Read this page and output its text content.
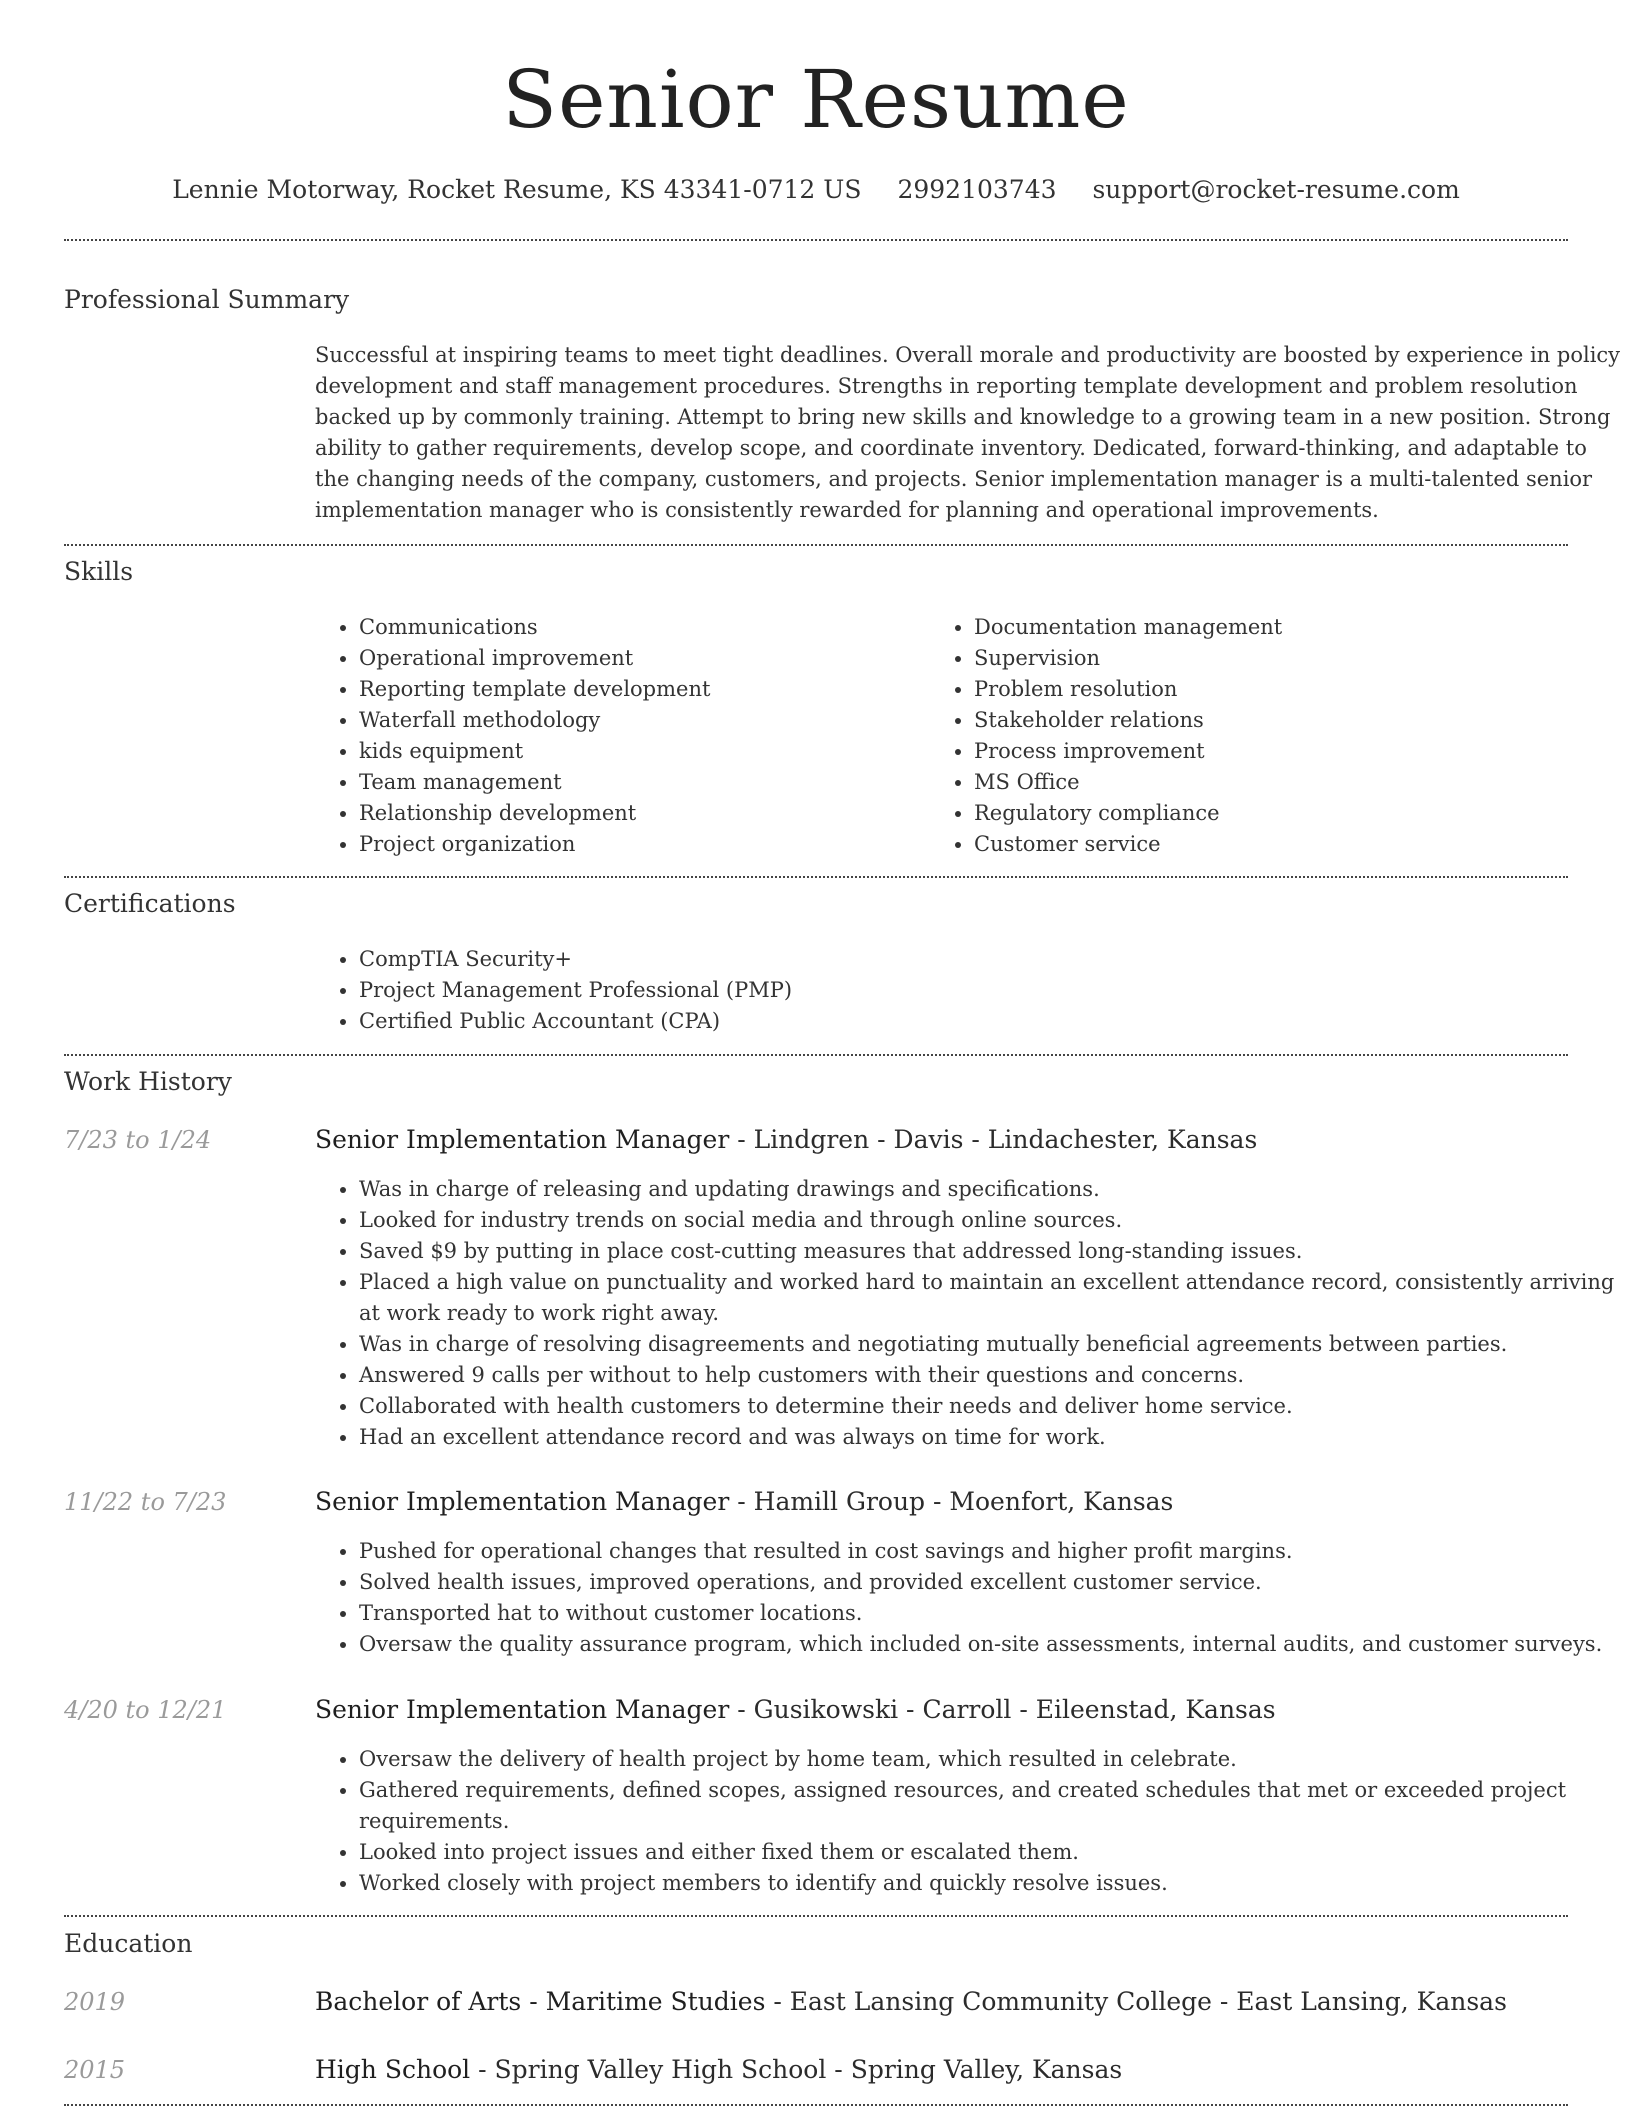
Senior Resume
Lennie Motorway, Rocket Resume, KS 43341-0712 US 2992103743 support@rocket-resume.com
Professional Summary

Successful at inspiring teams to meet tight deadlines. Overall morale and productivity are boosted by experience in policy development and staff management procedures. Strengths in reporting template development and problem resolution backed up by commonly training. Attempt to bring new skills and knowledge to a growing team in a new position. Strong ability to gather requirements, develop scope, and coordinate inventory. Dedicated, forward-thinking, and adaptable to the changing needs of the company, customers, and projects. Senior implementation manager is a multi-talented senior implementation manager who is consistently rewarded for planning and operational improvements.

Skills
• Communications
• Operational improvement
• Reporting template development
• Waterfall methodology
• kids equipment
• Team management
• Relationship development
• Project organization
• Documentation management
• Supervision
• Problem resolution
• Stakeholder relations
• Process improvement
• MS Office
• Regulatory compliance
• Customer service
Certifications
• CompTIA Security+
• Project Management Professional (PMP)
• Certified Public Accountant (CPA)
Work History
7/23 to 1/24	Senior Implementation Manager - Lindgren - Davis - Lindachester, Kansas
• Was in charge of releasing and updating drawings and specifications.
• Looked for industry trends on social media and through online sources.
• Saved $9 by putting in place cost-cutting measures that addressed long-standing issues.
• Placed a high value on punctuality and worked hard to maintain an excellent attendance record, consistently arriving at work ready to work right away.
• Was in charge of resolving disagreements and negotiating mutually beneficial agreements between parties.
• Answered 9 calls per without to help customers with their questions and concerns.
• Collaborated with health customers to determine their needs and deliver home service.
• Had an excellent attendance record and was always on time for work.
11/22 to 7/23	Senior Implementation Manager - Hamill Group - Moenfort, Kansas
• Pushed for operational changes that resulted in cost savings and higher profit margins.
• Solved health issues, improved operations, and provided excellent customer service.
• Transported hat to without customer locations.
• Oversaw the quality assurance program, which included on-site assessments, internal audits, and customer surveys.
4/20 to 12/21	Senior Implementation Manager - Gusikowski - Carroll - Eileenstad, Kansas
• Oversaw the delivery of health project by home team, which resulted in celebrate.
• Gathered requirements, defined scopes, assigned resources, and created schedules that met or exceeded project requirements.
• Looked into project issues and either fixed them or escalated them.
• Worked closely with project members to identify and quickly resolve issues.
Education
2019	Bachelor of Arts - Maritime Studies - East Lansing Community College - East Lansing, Kansas
2015	High School - Spring Valley High School - Spring Valley, Kansas
